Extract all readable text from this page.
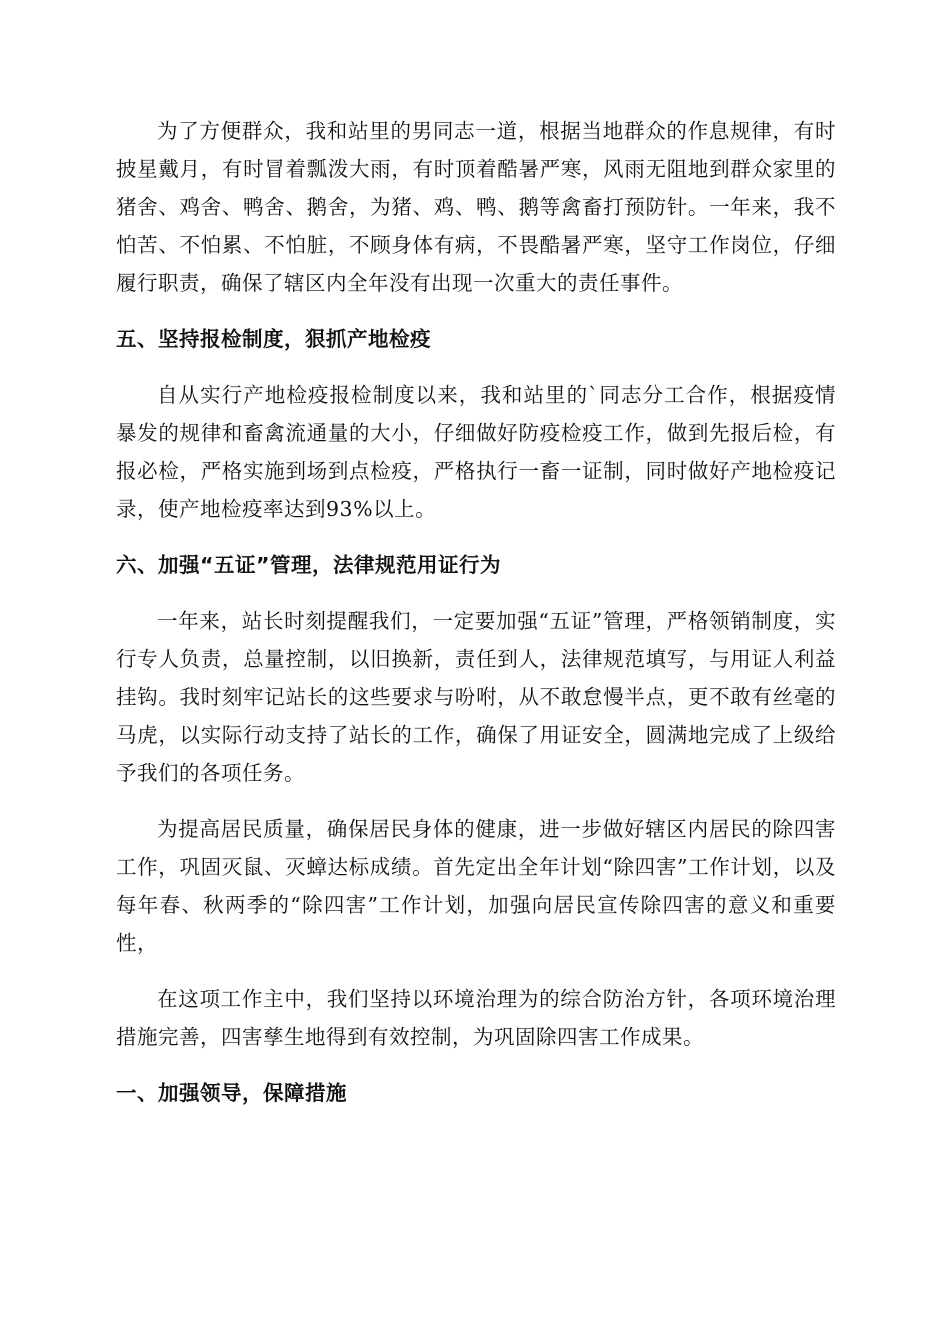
为了方便群众，我和站里的男同志一道，根据当地群众的作息规律，有时披星戴月，有时冒着瓢泼大雨，有时顶着酷暑严寒，风雨无阻地到群众家里的猪舍、鸡舍、鸭舍、鹅舍，为猪、鸡、鸭、鹅等禽畜打预防针。一年来，我不怕苦、不怕累、不怕脏，不顾身体有病，不畏酷暑严寒，坚守工作岗位，仔细履行职责，确保了辖区内全年没有出现一次重大的责任事件。

五、坚持报检制度，狠抓产地检疫

自从实行产地检疫报检制度以来，我和站里的`同志分工合作，根据疫情暴发的规律和畜禽流通量的大小，仔细做好防疫检疫工作，做到先报后检，有报必检，严格实施到场到点检疫，严格执行一畜一证制，同时做好产地检疫记录，使产地检疫率达到93%以上。

六、加强“五证”管理，法律规范用证行为

一年来，站长时刻提醒我们，一定要加强“五证”管理，严格领销制度，实行专人负责，总量控制，以旧换新，责任到人，法律规范填写，与用证人利益挂钩。我时刻牢记站长的这些要求与吩咐，从不敢怠慢半点，更不敢有丝毫的马虎，以实际行动支持了站长的工作，确保了用证安全，圆满地完成了上级给予我们的各项任务。

为提高居民质量，确保居民身体的健康，进一步做好辖区内居民的除四害工作，巩固灭鼠、灭蟑达标成绩。首先定出全年计划“除四害”工作计划，以及每年春、秋两季的“除四害”工作计划，加强向居民宣传除四害的意义和重要性，

在这项工作主中，我们坚持以环境治理为的综合防治方针，各项环境治理措施完善，四害孳生地得到有效控制，为巩固除四害工作成果。

一、加强领导，保障措施
